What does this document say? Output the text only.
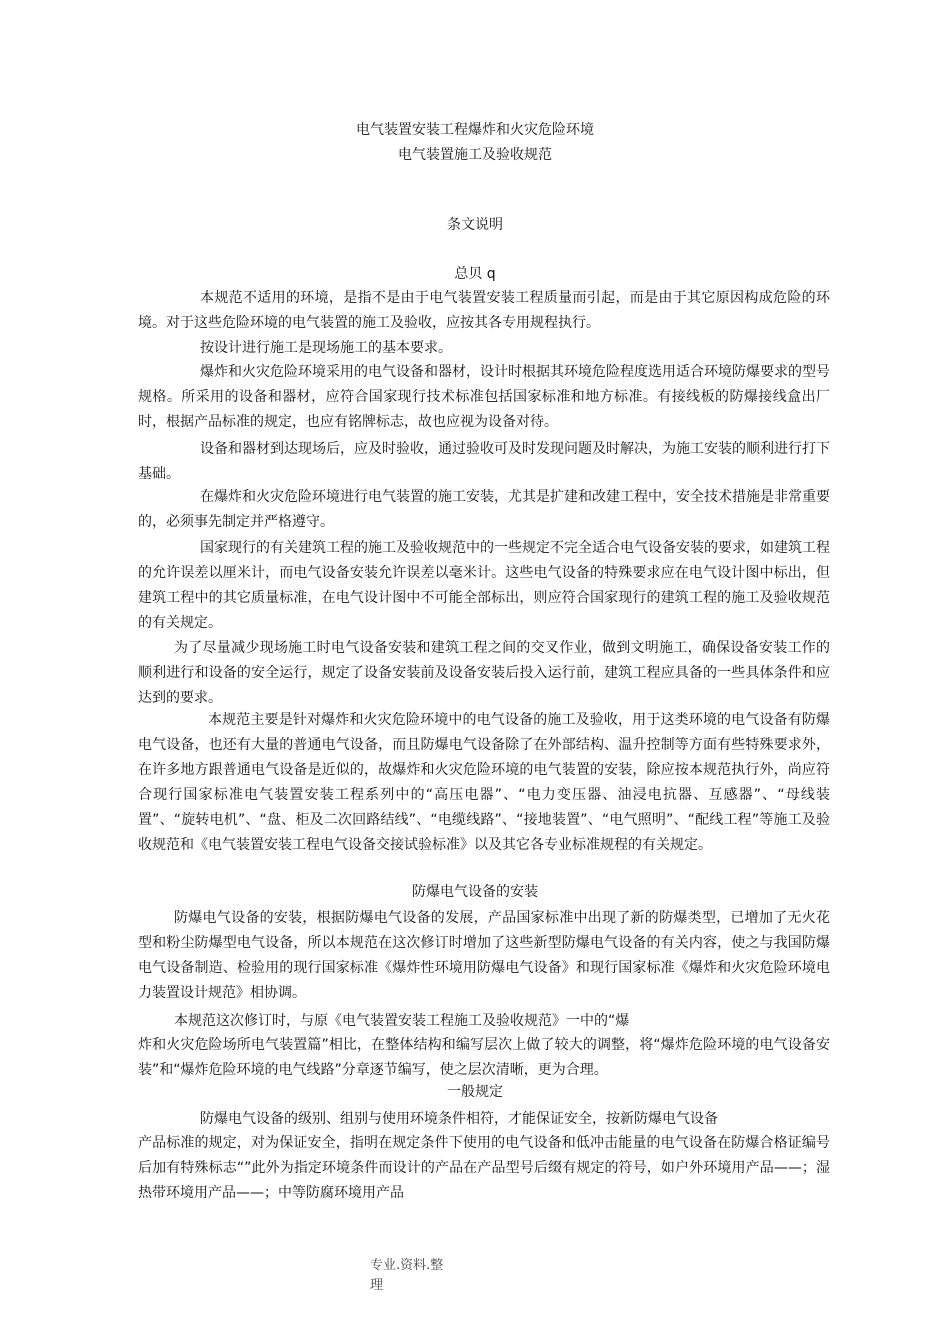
电气装置安装工程爆炸和火灾危险环境
电气装置施工及验收规范
条文说明
总贝 q

本规范不适用的环境，是指不是由于电气装置安装工程质量而引起，而是由于其它原因构成危险的环境。对于这些危险环境的电气装置的施工及验收，应按其各专用规程执行。

按设计进行施工是现场施工的基本要求。

爆炸和火灾危险环境采用的电气设备和器材，设计时根据其环境危险程度选用适合环境防爆要求的型号规格。所采用的设备和器材，应符合国家现行技术标准包括国家标准和地方标准。有接线板的防爆接线盒出厂时，根据产品标准的规定，也应有铭牌标志，故也应视为设备对待。

设备和器材到达现场后，应及时验收，通过验收可及时发现问题及时解决，为施工安装的顺利进行打下基础。

在爆炸和火灾危险环境进行电气装置的施工安装，尤其是扩建和改建工程中，安全技术措施是非常重要的，必须事先制定并严格遵守。

国家现行的有关建筑工程的施工及验收规范中的一些规定不完全适合电气设备安装的要求，如建筑工程的允许误差以厘米计，而电气设备安装允许误差以毫米计。这些电气设备的特殊要求应在电气设计图中标出，但建筑工程中的其它质量标准，在电气设计图中不可能全部标出，则应符合国家现行的建筑工程的施工及验收规范的有关规定。

为了尽量减少现场施工时电气设备安装和建筑工程之间的交叉作业，做到文明施工，确保设备安装工作的顺利进行和设备的安全运行，规定了设备安装前及设备安装后投入运行前，建筑工程应具备的一些具体条件和应达到的要求。

本规范主要是针对爆炸和火灾危险环境中的电气设备的施工及验收，用于这类环境的电气设备有防爆电气设备，也还有大量的普通电气设备，而且防爆电气设备除了在外部结构、温升控制等方面有些特殊要求外，在许多地方跟普通电气设备是近似的，故爆炸和火灾危险环境的电气装置的安装，除应按本规范执行外，尚应符合现行国家标准电气装置安装工程系列中的“高压电器”、“电力变压器、油浸电抗器、互感器”、“母线装置”、“旋转电机”、“盘、柜及二次回路结线”、“电缆线路”、“接地装置”、“电气照明”、“配线工程”等施工及验收规范和《电气装置安装工程电气设备交接试验标准》以及其它各专业标准规程的有关规定。

防爆电气设备的安装

防爆电气设备的安装，根据防爆电气设备的发展，产品国家标准中出现了新的防爆类型，已增加了无火花型和粉尘防爆型电气设备，所以本规范在这次修订时增加了这些新型防爆电气设备的有关内容，使之与我国防爆电气设备制造、检验用的现行国家标准《爆炸性环境用防爆电气设备》和现行国家标准《爆炸和火灾危险环境电力装置设计规范》相协调。

本规范这次修订时，与原《电气装置安装工程施工及验收规范》一中的“爆

炸和火灾危险场所电气装置篇”相比，在整体结构和编写层次上做了较大的调整，将“爆炸危险环境的电气设备安装”和“爆炸危险环境的电气线路”分章逐节编写，使之层次清晰，更为合理。

一般规定

防爆电气设备的级别、组别与使用环境条件相符，才能保证安全，按新防爆电气设备

产品标准的规定，对为保证安全，指明在规定条件下使用的电气设备和低冲击能量的电气设备在防爆合格证编号后加有特殊标志“”此外为指定环境条件而设计的产品在产品型号后缀有规定的符号，如户外环境用产品——；湿热带环境用产品——；中等防腐环境用产品

专业.资料.整
理
